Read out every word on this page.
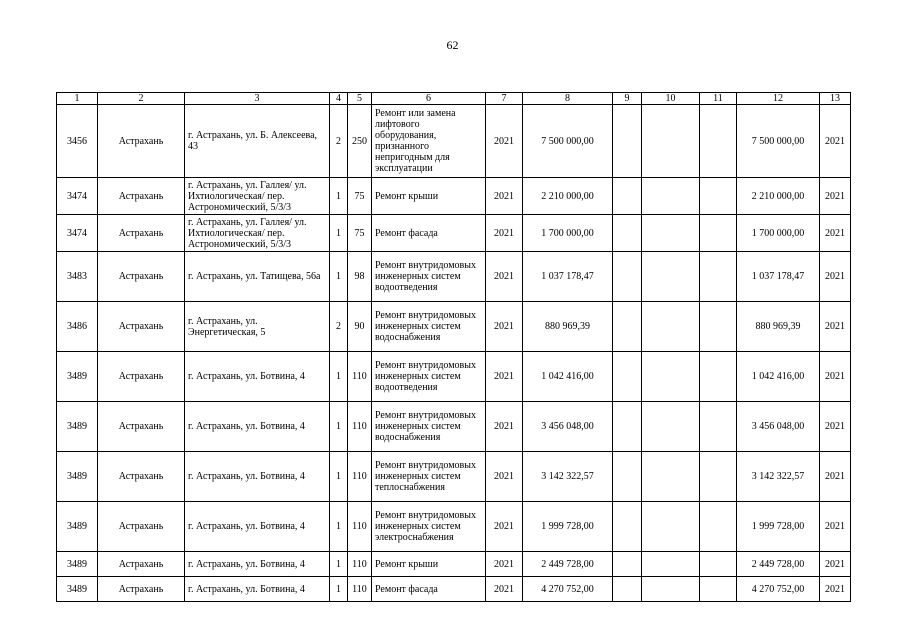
62
1	2	3	4	5	6	7	8	9	10	11	12	13
3456	Астрахань	г. Астрахань, ул. Б. Алексеева, 43	2	250	Ремонт или замена лифтового оборудования, признанного непригодным для эксплуатации	2021	7 500 000,00				7 500 000,00	2021
3474	Астрахань	г. Астрахань, ул. Галлея/ ул. Ихтиологическая/ пер. Астрономический, 5/3/3	1	75	Ремонт крыши	2021	2 210 000,00				2 210 000,00	2021
3474	Астрахань	г. Астрахань, ул. Галлея/ ул. Ихтиологическая/ пер. Астрономический, 5/3/3	1	75	Ремонт фасада	2021	1 700 000,00				1 700 000,00	2021
3483	Астрахань	г. Астрахань, ул. Татищева, 56а	1	98	Ремонт внутридомовых инженерных систем водоотведения	2021	1 037 178,47				1 037 178,47	2021
3486	Астрахань	г. Астрахань, ул. Энергетическая, 5	2	90	Ремонт внутридомовых инженерных систем водоснабжения	2021	880 969,39				880 969,39	2021
3489	Астрахань	г. Астрахань, ул. Ботвина, 4	1	110	Ремонт внутридомовых инженерных систем водоотведения	2021	1 042 416,00				1 042 416,00	2021
3489	Астрахань	г. Астрахань, ул. Ботвина, 4	1	110	Ремонт внутридомовых инженерных систем водоснабжения	2021	3 456 048,00				3 456 048,00	2021
3489	Астрахань	г. Астрахань, ул. Ботвина, 4	1	110	Ремонт внутридомовых инженерных систем теплоснабжения	2021	3 142 322,57				3 142 322,57	2021
3489	Астрахань	г. Астрахань, ул. Ботвина, 4	1	110	Ремонт внутридомовых инженерных систем электроснабжения	2021	1 999 728,00				1 999 728,00	2021
3489	Астрахань	г. Астрахань, ул. Ботвина, 4	1	110	Ремонт крыши	2021	2 449 728,00				2 449 728,00	2021
3489	Астрахань	г. Астрахань, ул. Ботвина, 4	1	110	Ремонт фасада	2021	4 270 752,00				4 270 752,00	2021
